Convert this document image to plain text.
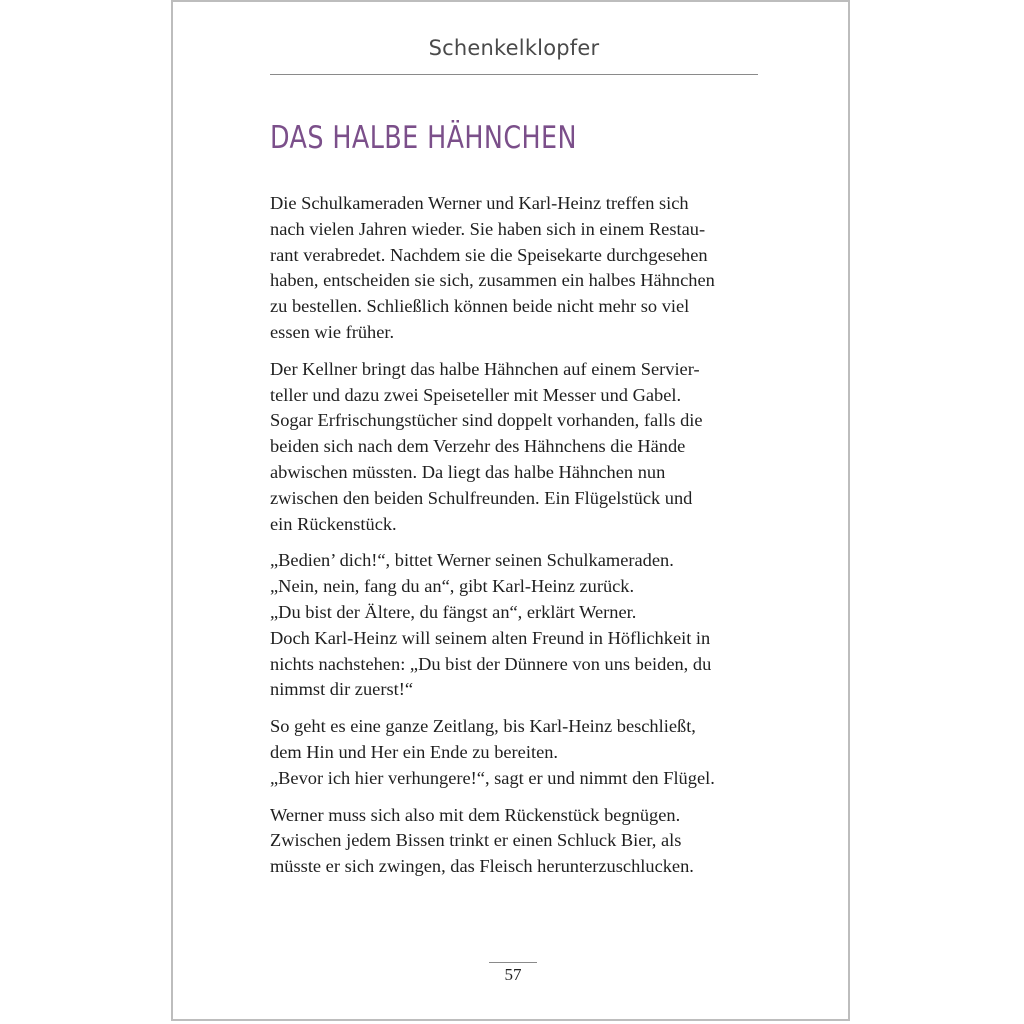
Schenkelklopfer
DAS HALBE HÄHNCHEN

Die Schulkameraden Werner und Karl-Heinz treffen sich
nach vielen Jahren wieder. Sie haben sich in einem Restau-
rant verabredet. Nachdem sie die Speisekarte durchgesehen
haben, entscheiden sie sich, zusammen ein halbes Hähnchen
zu bestellen. Schließlich können beide nicht mehr so viel
essen wie früher.

Der Kellner bringt das halbe Hähnchen auf einem Servier-
teller und dazu zwei Speiseteller mit Messer und Gabel.
Sogar Erfrischungstücher sind doppelt vorhanden, falls die
beiden sich nach dem Verzehr des Hähnchens die Hände
abwischen müssten. Da liegt das halbe Hähnchen nun
zwischen den beiden Schulfreunden. Ein Flügelstück und
ein Rückenstück.

„Bedien’ dich!“, bittet Werner seinen Schulkameraden.
„Nein, nein, fang du an“, gibt Karl-Heinz zurück.
„Du bist der Ältere, du fängst an“, erklärt Werner.
Doch Karl-Heinz will seinem alten Freund in Höflichkeit in
nichts nachstehen: „Du bist der Dünnere von uns beiden, du
nimmst dir zuerst!“

So geht es eine ganze Zeitlang, bis Karl-Heinz beschließt,
dem Hin und Her ein Ende zu bereiten.
„Bevor ich hier verhungere!“, sagt er und nimmt den Flügel.

Werner muss sich also mit dem Rückenstück begnügen.
Zwischen jedem Bissen trinkt er einen Schluck Bier, als
müsste er sich zwingen, das Fleisch herunterzuschlucken.

57
